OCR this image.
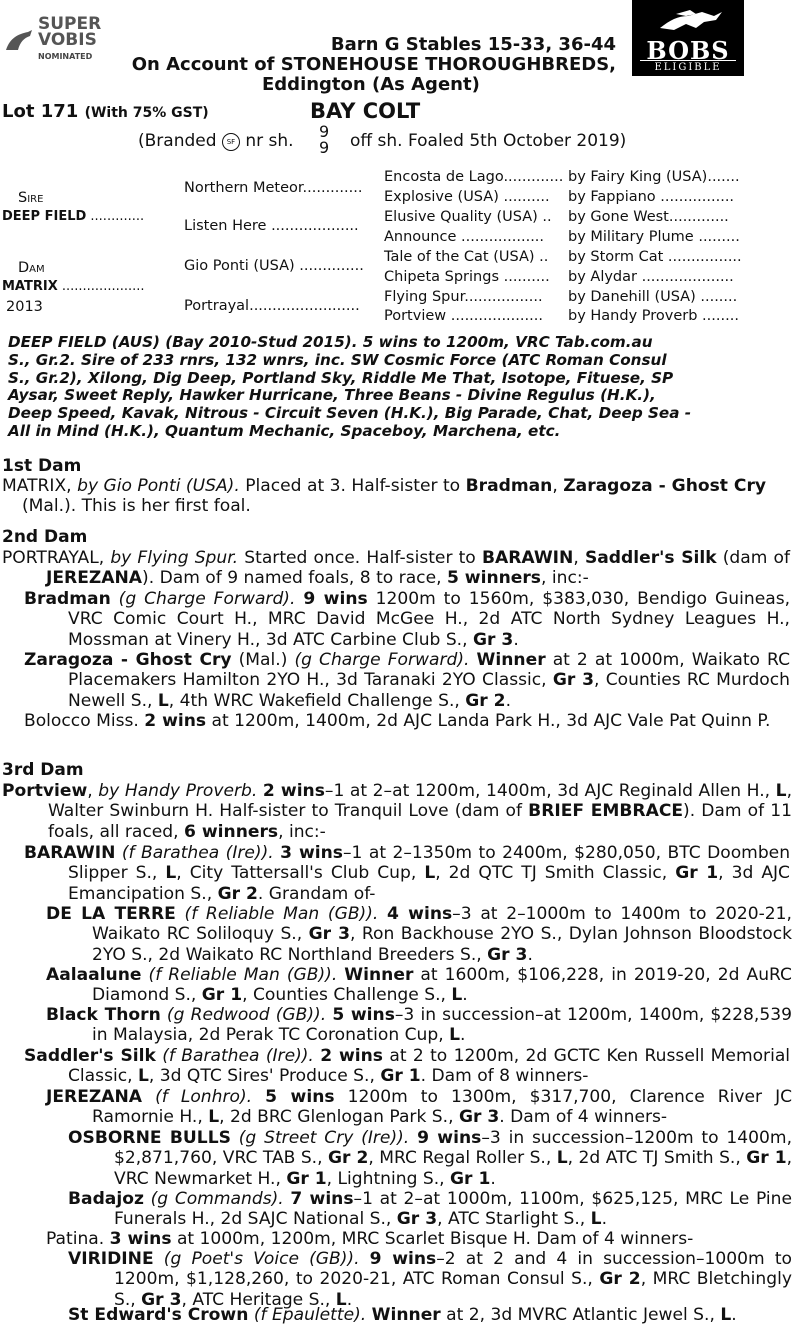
SUPER
VOBIS
NOMINATED
Barn G Stables 15-33, 36-44
On Account of STONEHOUSE THOROUGHBREDS,
Eddington (As Agent)
BOBS
ELIGIBLE
Lot 171 (With 75% GST)	BAY COLT
(Branded SF nr sh. 9
9 off sh. Foaled 5th October 2019)
Sire
DEEP FIELD .............
Dam
MATRIX ....................
2013
Northern Meteor.............
Listen Here ...................
Gio Ponti (USA) ..............
Portrayal........................
Encosta de Lago.............
Explosive (USA) ..........
Elusive Quality (USA) ..
Announce ..................
Tale of the Cat (USA) ..
Chipeta Springs ..........
Flying Spur.................
Portview ....................
by Fairy King (USA).......
by Fappiano ................
by Gone West.............
by Military Plume .........
by Storm Cat ................
by Alydar ....................
by Danehill (USA) ........
by Handy Proverb ........
DEEP FIELD (AUS) (Bay 2010-Stud 2015). 5 wins to 1200m, VRC Tab.com.au
S., Gr.2. Sire of 233 rnrs, 132 wnrs, inc. SW Cosmic Force (ATC Roman Consul
S., Gr.2), Xilong, Dig Deep, Portland Sky, Riddle Me That, Isotope, Fituese, SP
Aysar, Sweet Reply, Hawker Hurricane, Three Beans - Divine Regulus (H.K.),
Deep Speed, Kavak, Nitrous - Circuit Seven (H.K.), Big Parade, Chat, Deep Sea -
All in Mind (H.K.), Quantum Mechanic, Spaceboy, Marchena, etc.
1st Dam
MATRIX, by Gio Ponti (USA). Placed at 3. Half-sister to Bradman, Zaragoza - Ghost Cry (Mal.). This is her first foal.
2nd Dam
PORTRAYAL, by Flying Spur. Started once. Half-sister to BARAWIN, Saddler's Silk (dam of JEREZANA). Dam of 9 named foals, 8 to race, 5 winners, inc:-
Bradman (g Charge Forward). 9 wins 1200m to 1560m, $383,030, Bendigo Guineas, VRC Comic Court H., MRC David McGee H., 2d ATC North Sydney Leagues H., Mossman at Vinery H., 3d ATC Carbine Club S., Gr 3.
Zaragoza - Ghost Cry (Mal.) (g Charge Forward). Winner at 2 at 1000m, Waikato RC Placemakers Hamilton 2YO H., 3d Taranaki 2YO Classic, Gr 3, Counties RC Murdoch Newell S., L, 4th WRC Wakefield Challenge S., Gr 2.
Bolocco Miss. 2 wins at 1200m, 1400m, 2d AJC Landa Park H., 3d AJC Vale Pat Quinn P.
3rd Dam
Portview, by Handy Proverb. 2 wins–1 at 2–at 1200m, 1400m, 3d AJC Reginald Allen H., L, Walter Swinburn H. Half-sister to Tranquil Love (dam of BRIEF EMBRACE). Dam of 11 foals, all raced, 6 winners, inc:-
BARAWIN (f Barathea (Ire)). 3 wins–1 at 2–1350m to 2400m, $280,050, BTC Doomben Slipper S., L, City Tattersall's Club Cup, L, 2d QTC TJ Smith Classic, Gr 1, 3d AJC Emancipation S., Gr 2. Grandam of-
DE LA TERRE (f Reliable Man (GB)). 4 wins–3 at 2–1000m to 1400m to 2020-21, Waikato RC Soliloquy S., Gr 3, Ron Backhouse 2YO S., Dylan Johnson Bloodstock 2YO S., 2d Waikato RC Northland Breeders S., Gr 3.
Aalaalune (f Reliable Man (GB)). Winner at 1600m, $106,228, in 2019-20, 2d AuRC Diamond S., Gr 1, Counties Challenge S., L.
Black Thorn (g Redwood (GB)). 5 wins–3 in succession–at 1200m, 1400m, $228,539 in Malaysia, 2d Perak TC Coronation Cup, L.
Saddler's Silk (f Barathea (Ire)). 2 wins at 2 to 1200m, 2d GCTC Ken Russell Memorial Classic, L, 3d QTC Sires' Produce S., Gr 1. Dam of 8 winners-
JEREZANA (f Lonhro). 5 wins 1200m to 1300m, $317,700, Clarence River JC Ramornie H., L, 2d BRC Glenlogan Park S., Gr 3. Dam of 4 winners-
OSBORNE BULLS (g Street Cry (Ire)). 9 wins–3 in succession–1200m to 1400m, $2,871,760, VRC TAB S., Gr 2, MRC Regal Roller S., L, 2d ATC TJ Smith S., Gr 1, VRC Newmarket H., Gr 1, Lightning S., Gr 1.
Badajoz (g Commands). 7 wins–1 at 2–at 1000m, 1100m, $625,125, MRC Le Pine Funerals H., 2d SAJC National S., Gr 3, ATC Starlight S., L.
Patina. 3 wins at 1000m, 1200m, MRC Scarlet Bisque H. Dam of 4 winners-
VIRIDINE (g Poet's Voice (GB)). 9 wins–2 at 2 and 4 in succession–1000m to 1200m, $1,128,260, to 2020-21, ATC Roman Consul S., Gr 2, MRC Bletchingly S., Gr 3, ATC Heritage S., L.
St Edward's Crown (f Epaulette). Winner at 2, 3d MVRC Atlantic Jewel S., L.
